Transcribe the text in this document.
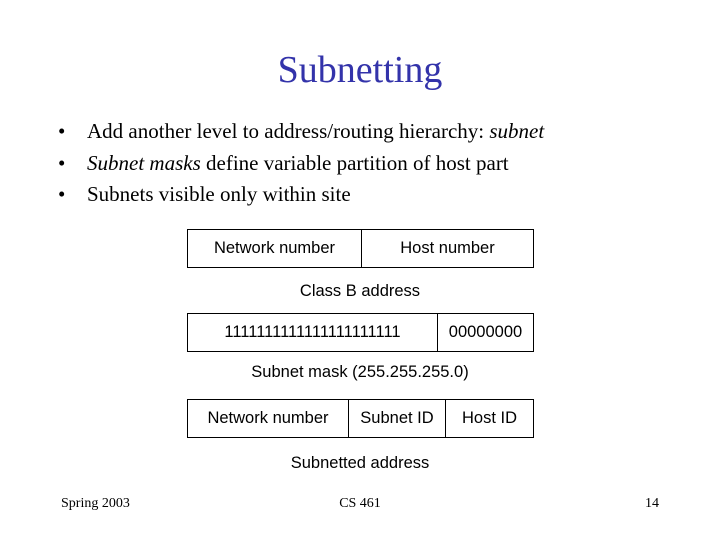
Subnetting
• Add another level to address/routing hierarchy: subnet
• Subnet masks define variable partition of host part
• Subnets visible only within site
Network number	Host number
Class B address
1111111111111111111111	00000000
Subnet mask (255.255.255.0)
Network number	Subnet ID	Host ID
Subnetted address
Spring 2003	CS 461	14
